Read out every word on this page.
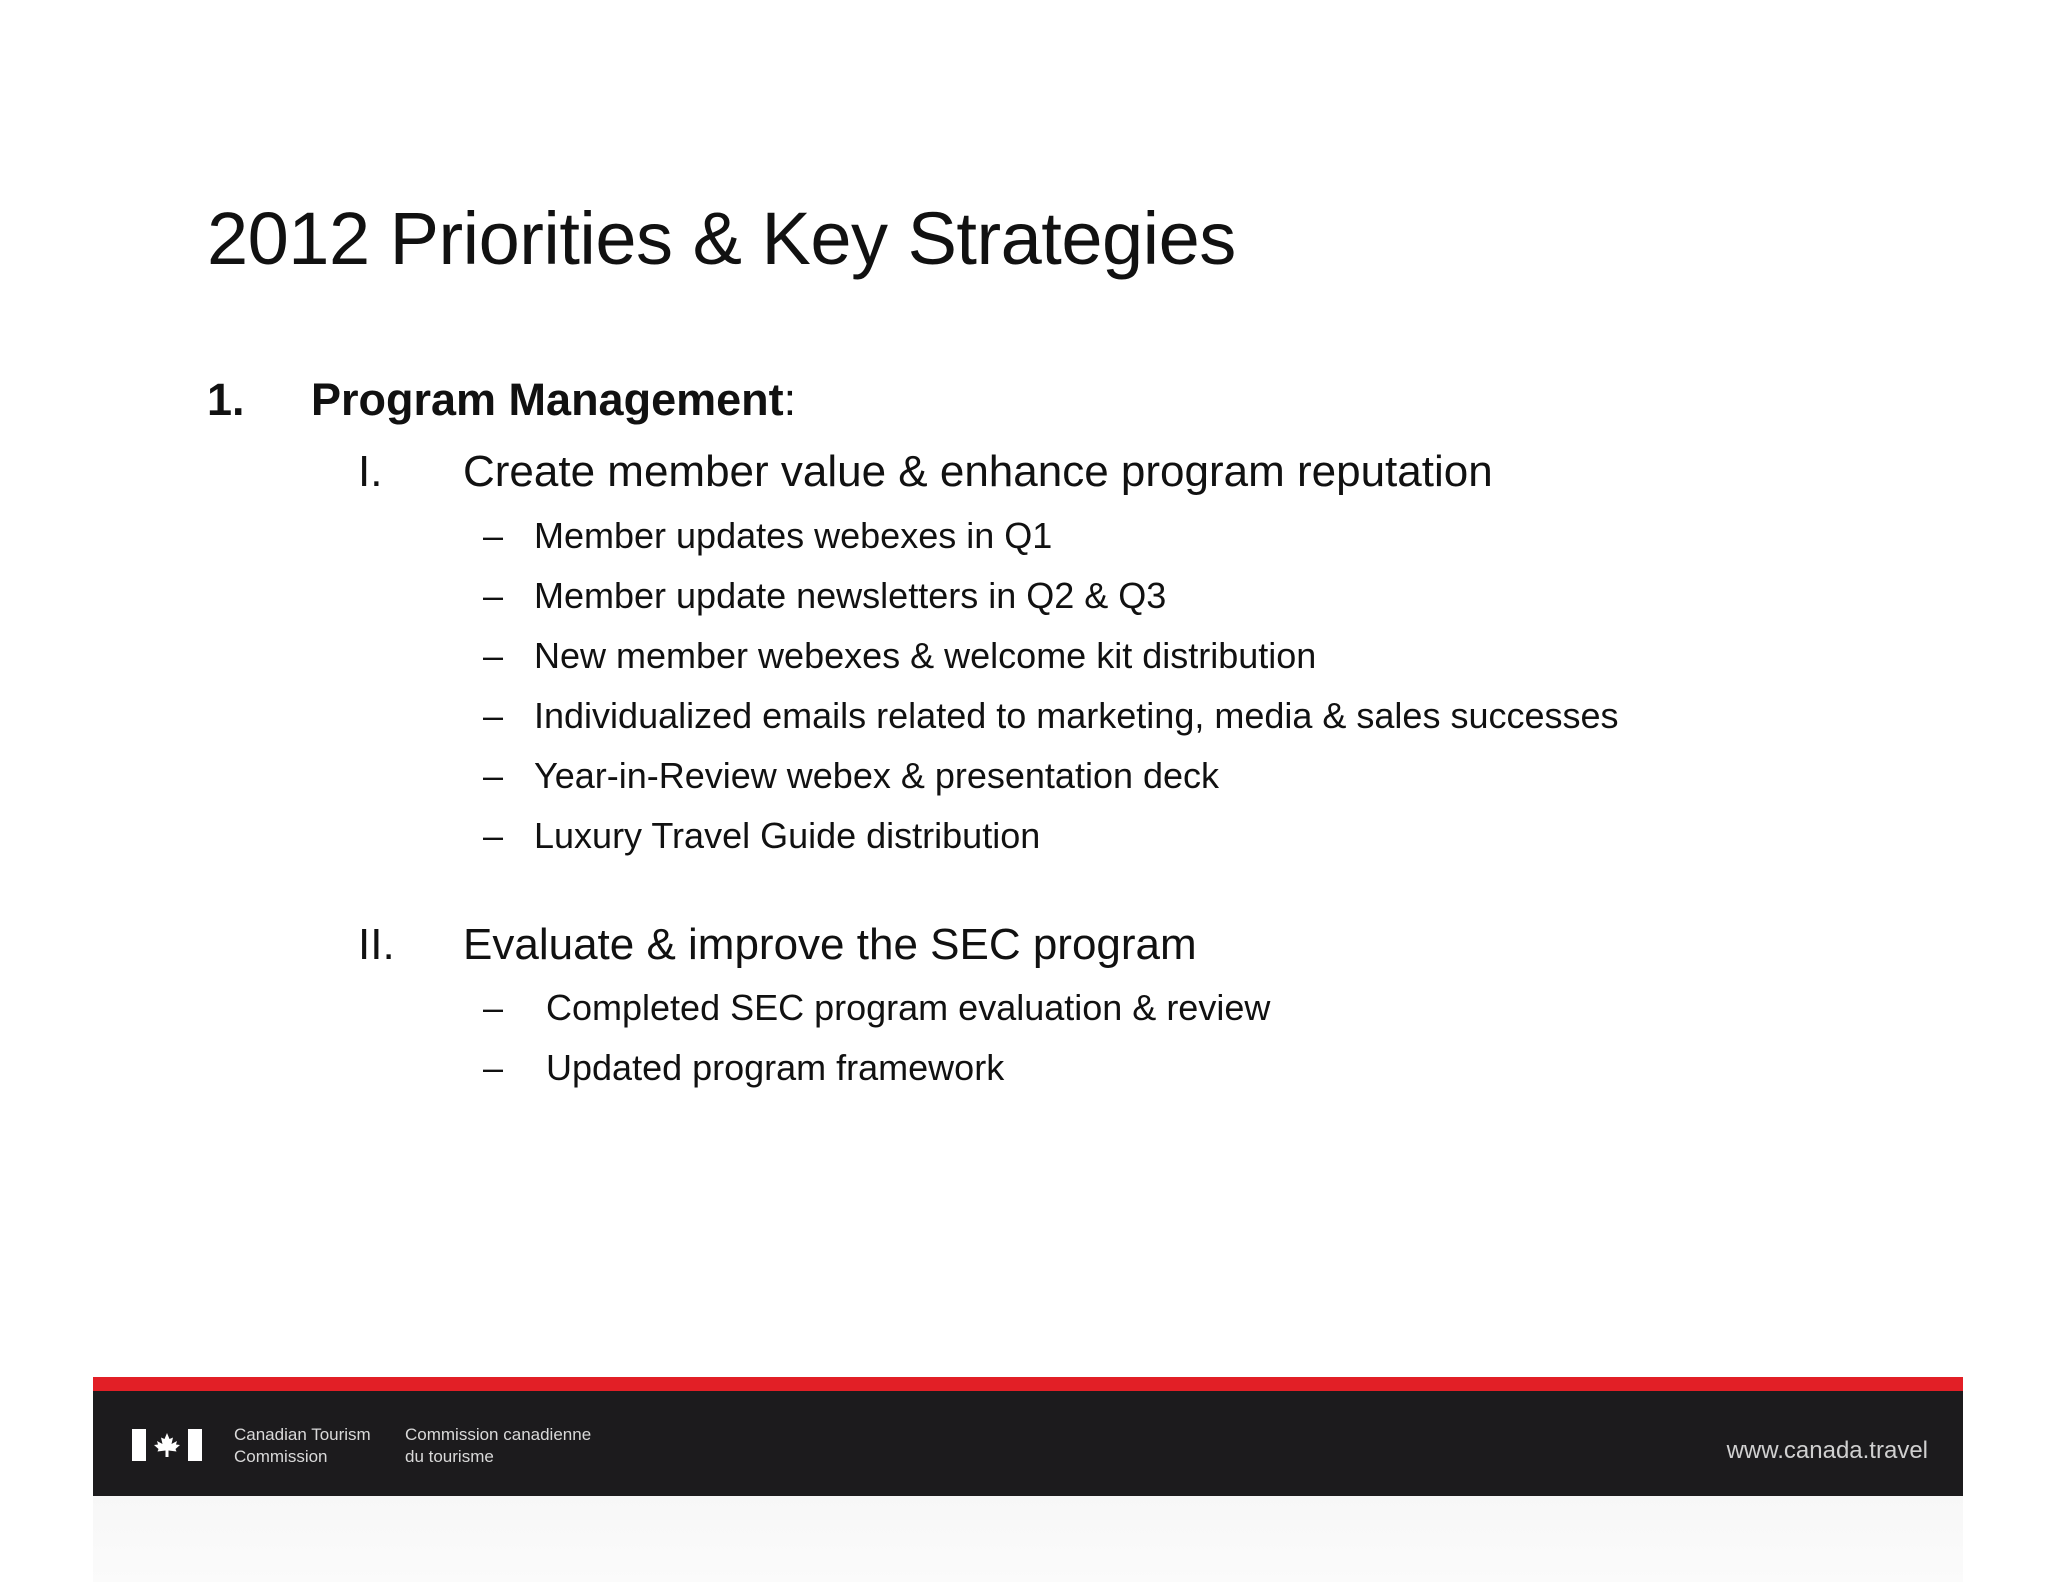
2012 Priorities & Key Strategies
1. Program Management:
I. Create member value & enhance program reputation
– Member updates webexes in Q1
– Member update newsletters in Q2 & Q3
– New member webexes & welcome kit distribution
– Individualized emails related to marketing, media & sales successes
– Year-in-Review webex & presentation deck
– Luxury Travel Guide distribution
II. Evaluate & improve the SEC program
‒ Completed SEC program evaluation & review
‒ Updated program framework
Canadian Tourism
Commission
Commission canadienne
du tourisme	www.canada.travel
